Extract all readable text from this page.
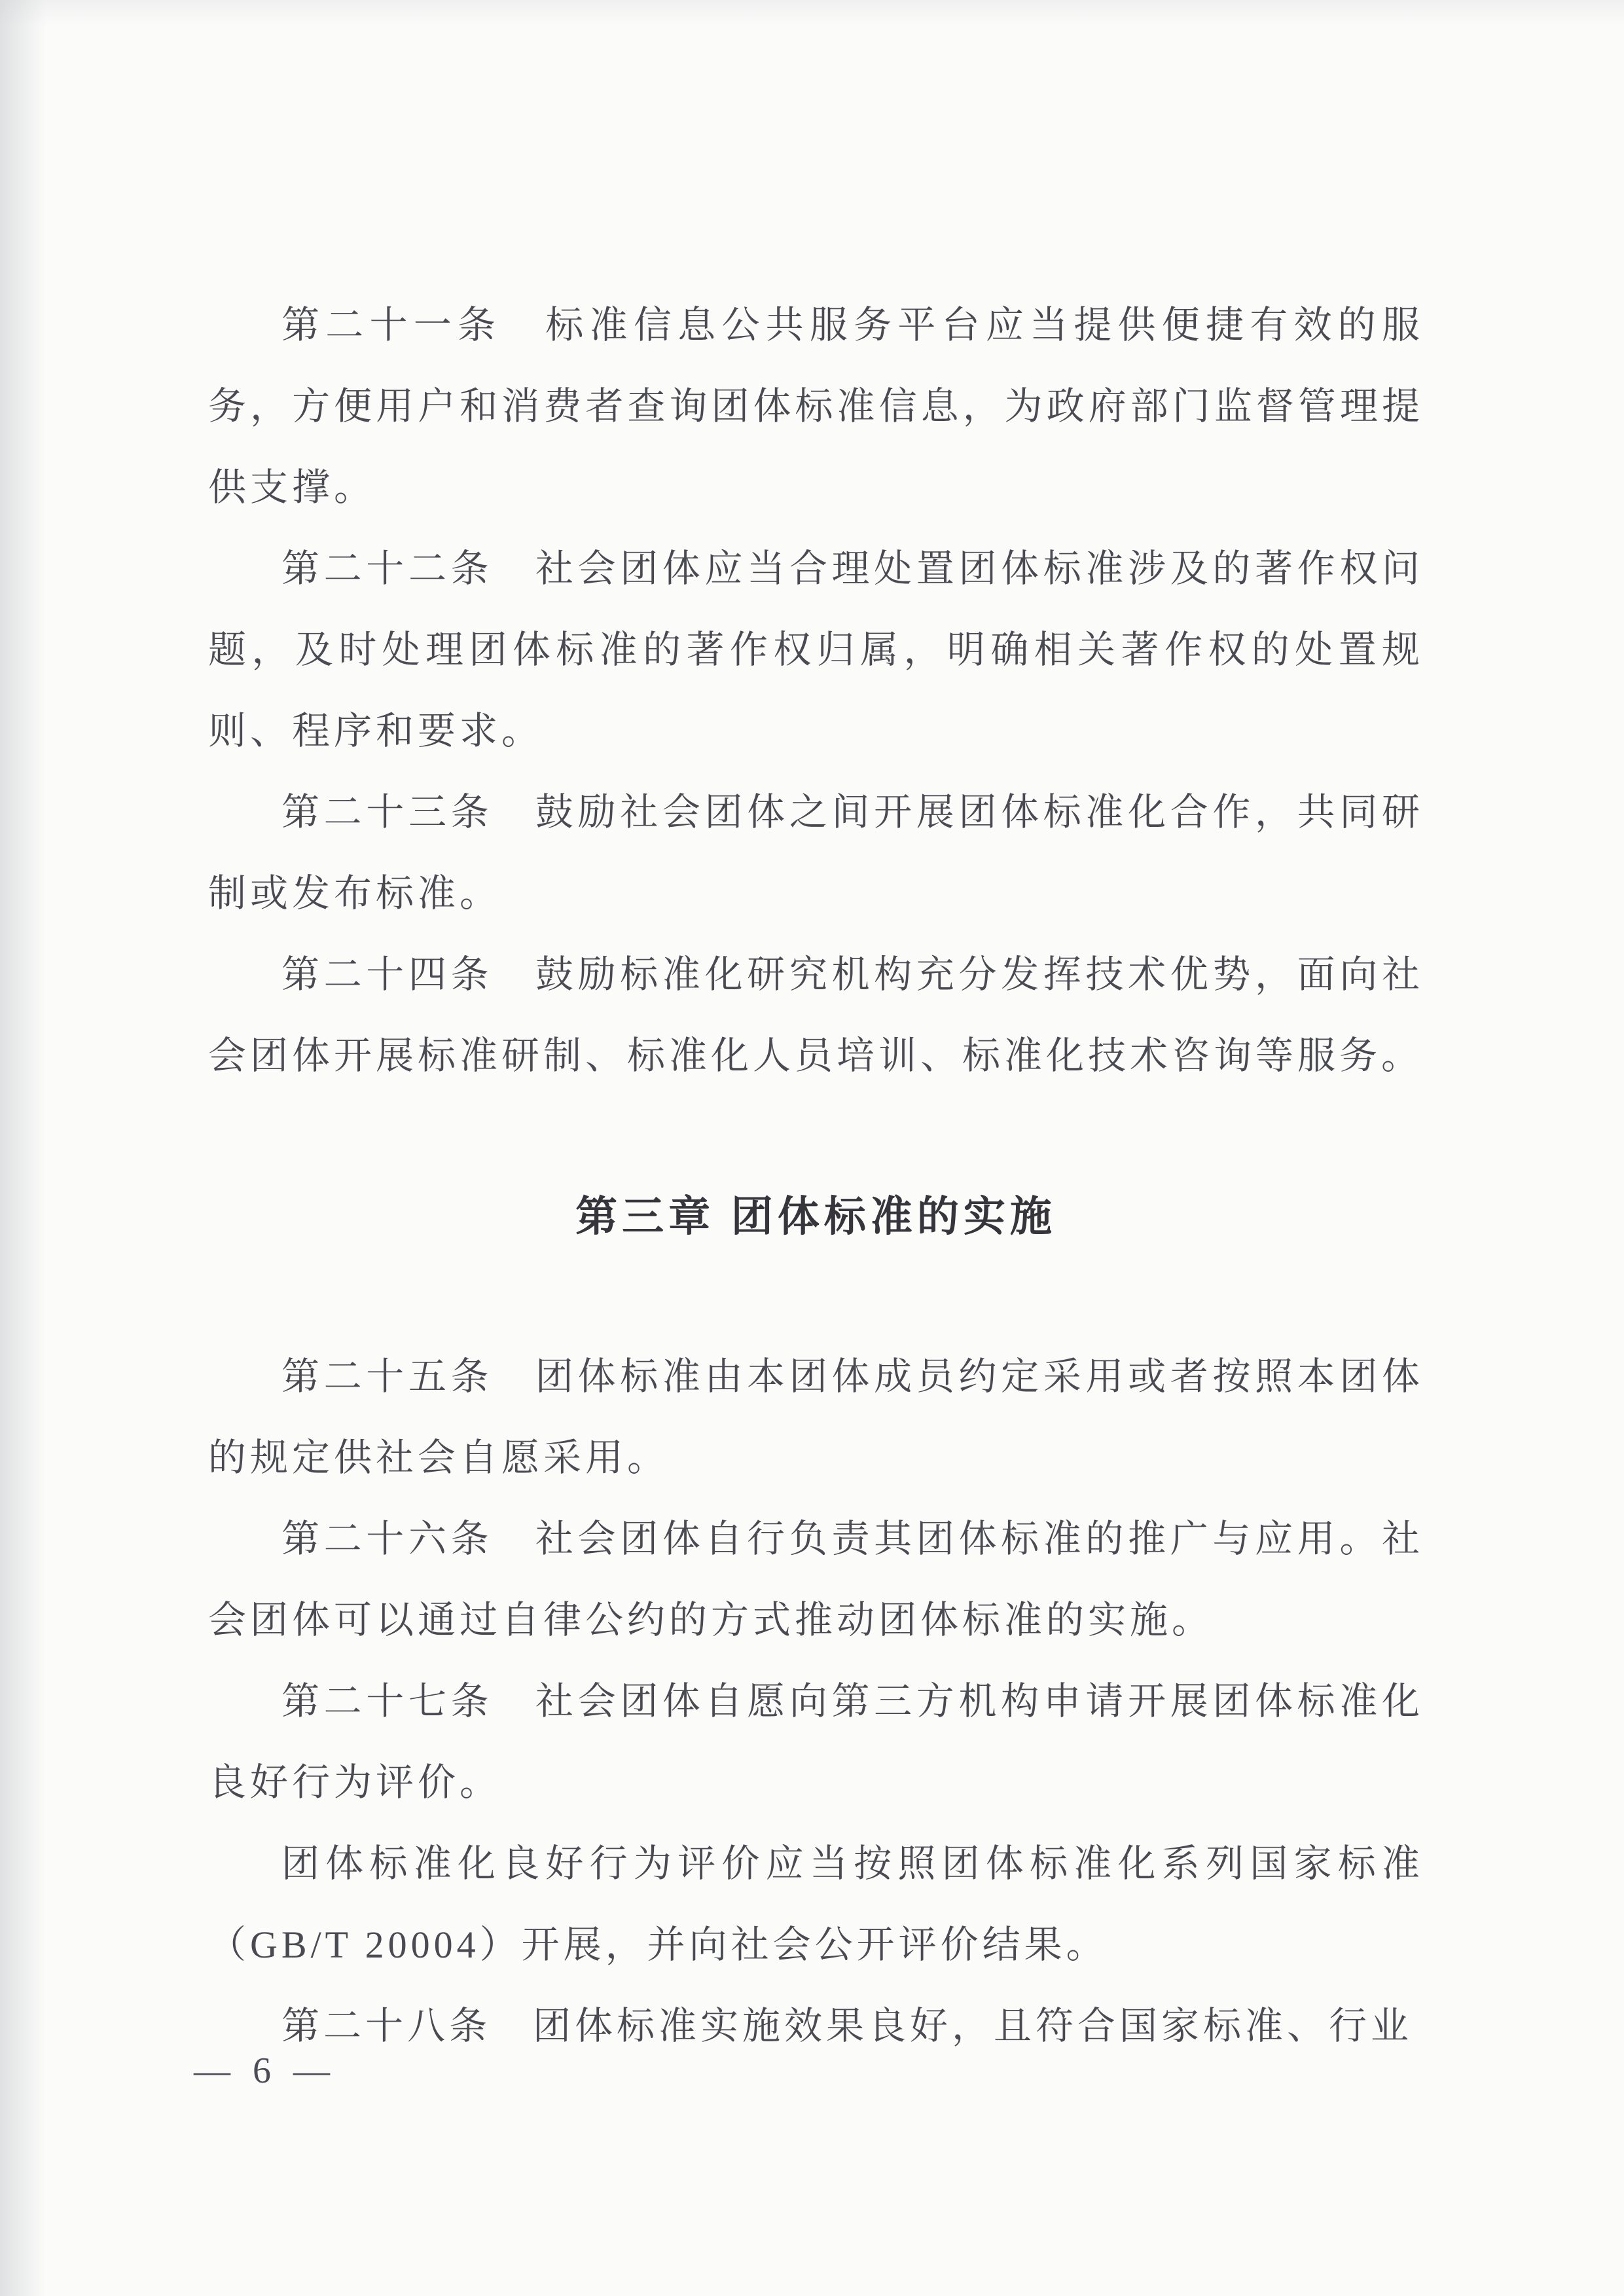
第二十一条　标准信息公共服务平台应当提供便捷有效的服务，方便用户和消费者查询团体标准信息，为政府部门监督管理提供支撑。

第二十二条　社会团体应当合理处置团体标准涉及的著作权问题，及时处理团体标准的著作权归属，明确相关著作权的处置规则、程序和要求。

第二十三条　鼓励社会团体之间开展团体标准化合作，共同研制或发布标准。

第二十四条　鼓励标准化研究机构充分发挥技术优势，面向社会团体开展标准研制、标准化人员培训、标准化技术咨询等服务。

第三章 团体标准的实施

第二十五条　团体标准由本团体成员约定采用或者按照本团体的规定供社会自愿采用。

第二十六条　社会团体自行负责其团体标准的推广与应用。社会团体可以通过自律公约的方式推动团体标准的实施。

第二十七条　社会团体自愿向第三方机构申请开展团体标准化良好行为评价。

团体标准化良好行为评价应当按照团体标准化系列国家标准（GB/T 20004）开展，并向社会公开评价结果。

第二十八条　团体标准实施效果良好，且符合国家标准、行业

— 6 —
